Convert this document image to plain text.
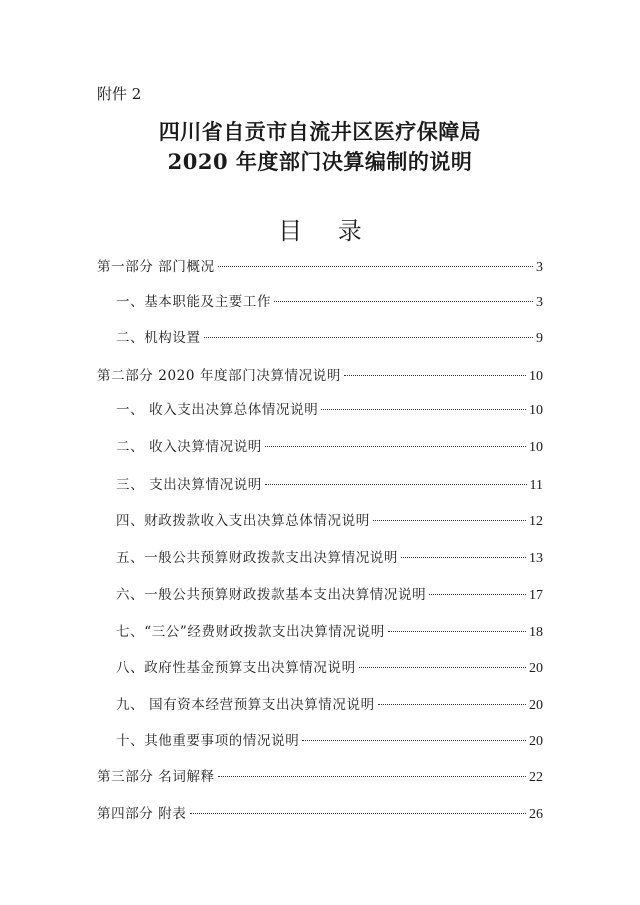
附件 2
四川省自贡市自流井区医疗保障局
2020 年度部门决算编制的说明
目 录
第一部分 部门概况	3
一、基本职能及主要工作	3
二、机构设置	9
第二部分 2020 年度部门决算情况说明	10
一、 收入支出决算总体情况说明	10
二、 收入决算情况说明	10
三、 支出决算情况说明	11
四、财政拨款收入支出决算总体情况说明	12
五、一般公共预算财政拨款支出决算情况说明	13
六、一般公共预算财政拨款基本支出决算情况说明	17
七、“三公”经费财政拨款支出决算情况说明	18
八、政府性基金预算支出决算情况说明	20
九、 国有资本经营预算支出决算情况说明	20
十、其他重要事项的情况说明	20
第三部分 名词解释	22
第四部分 附表	26
